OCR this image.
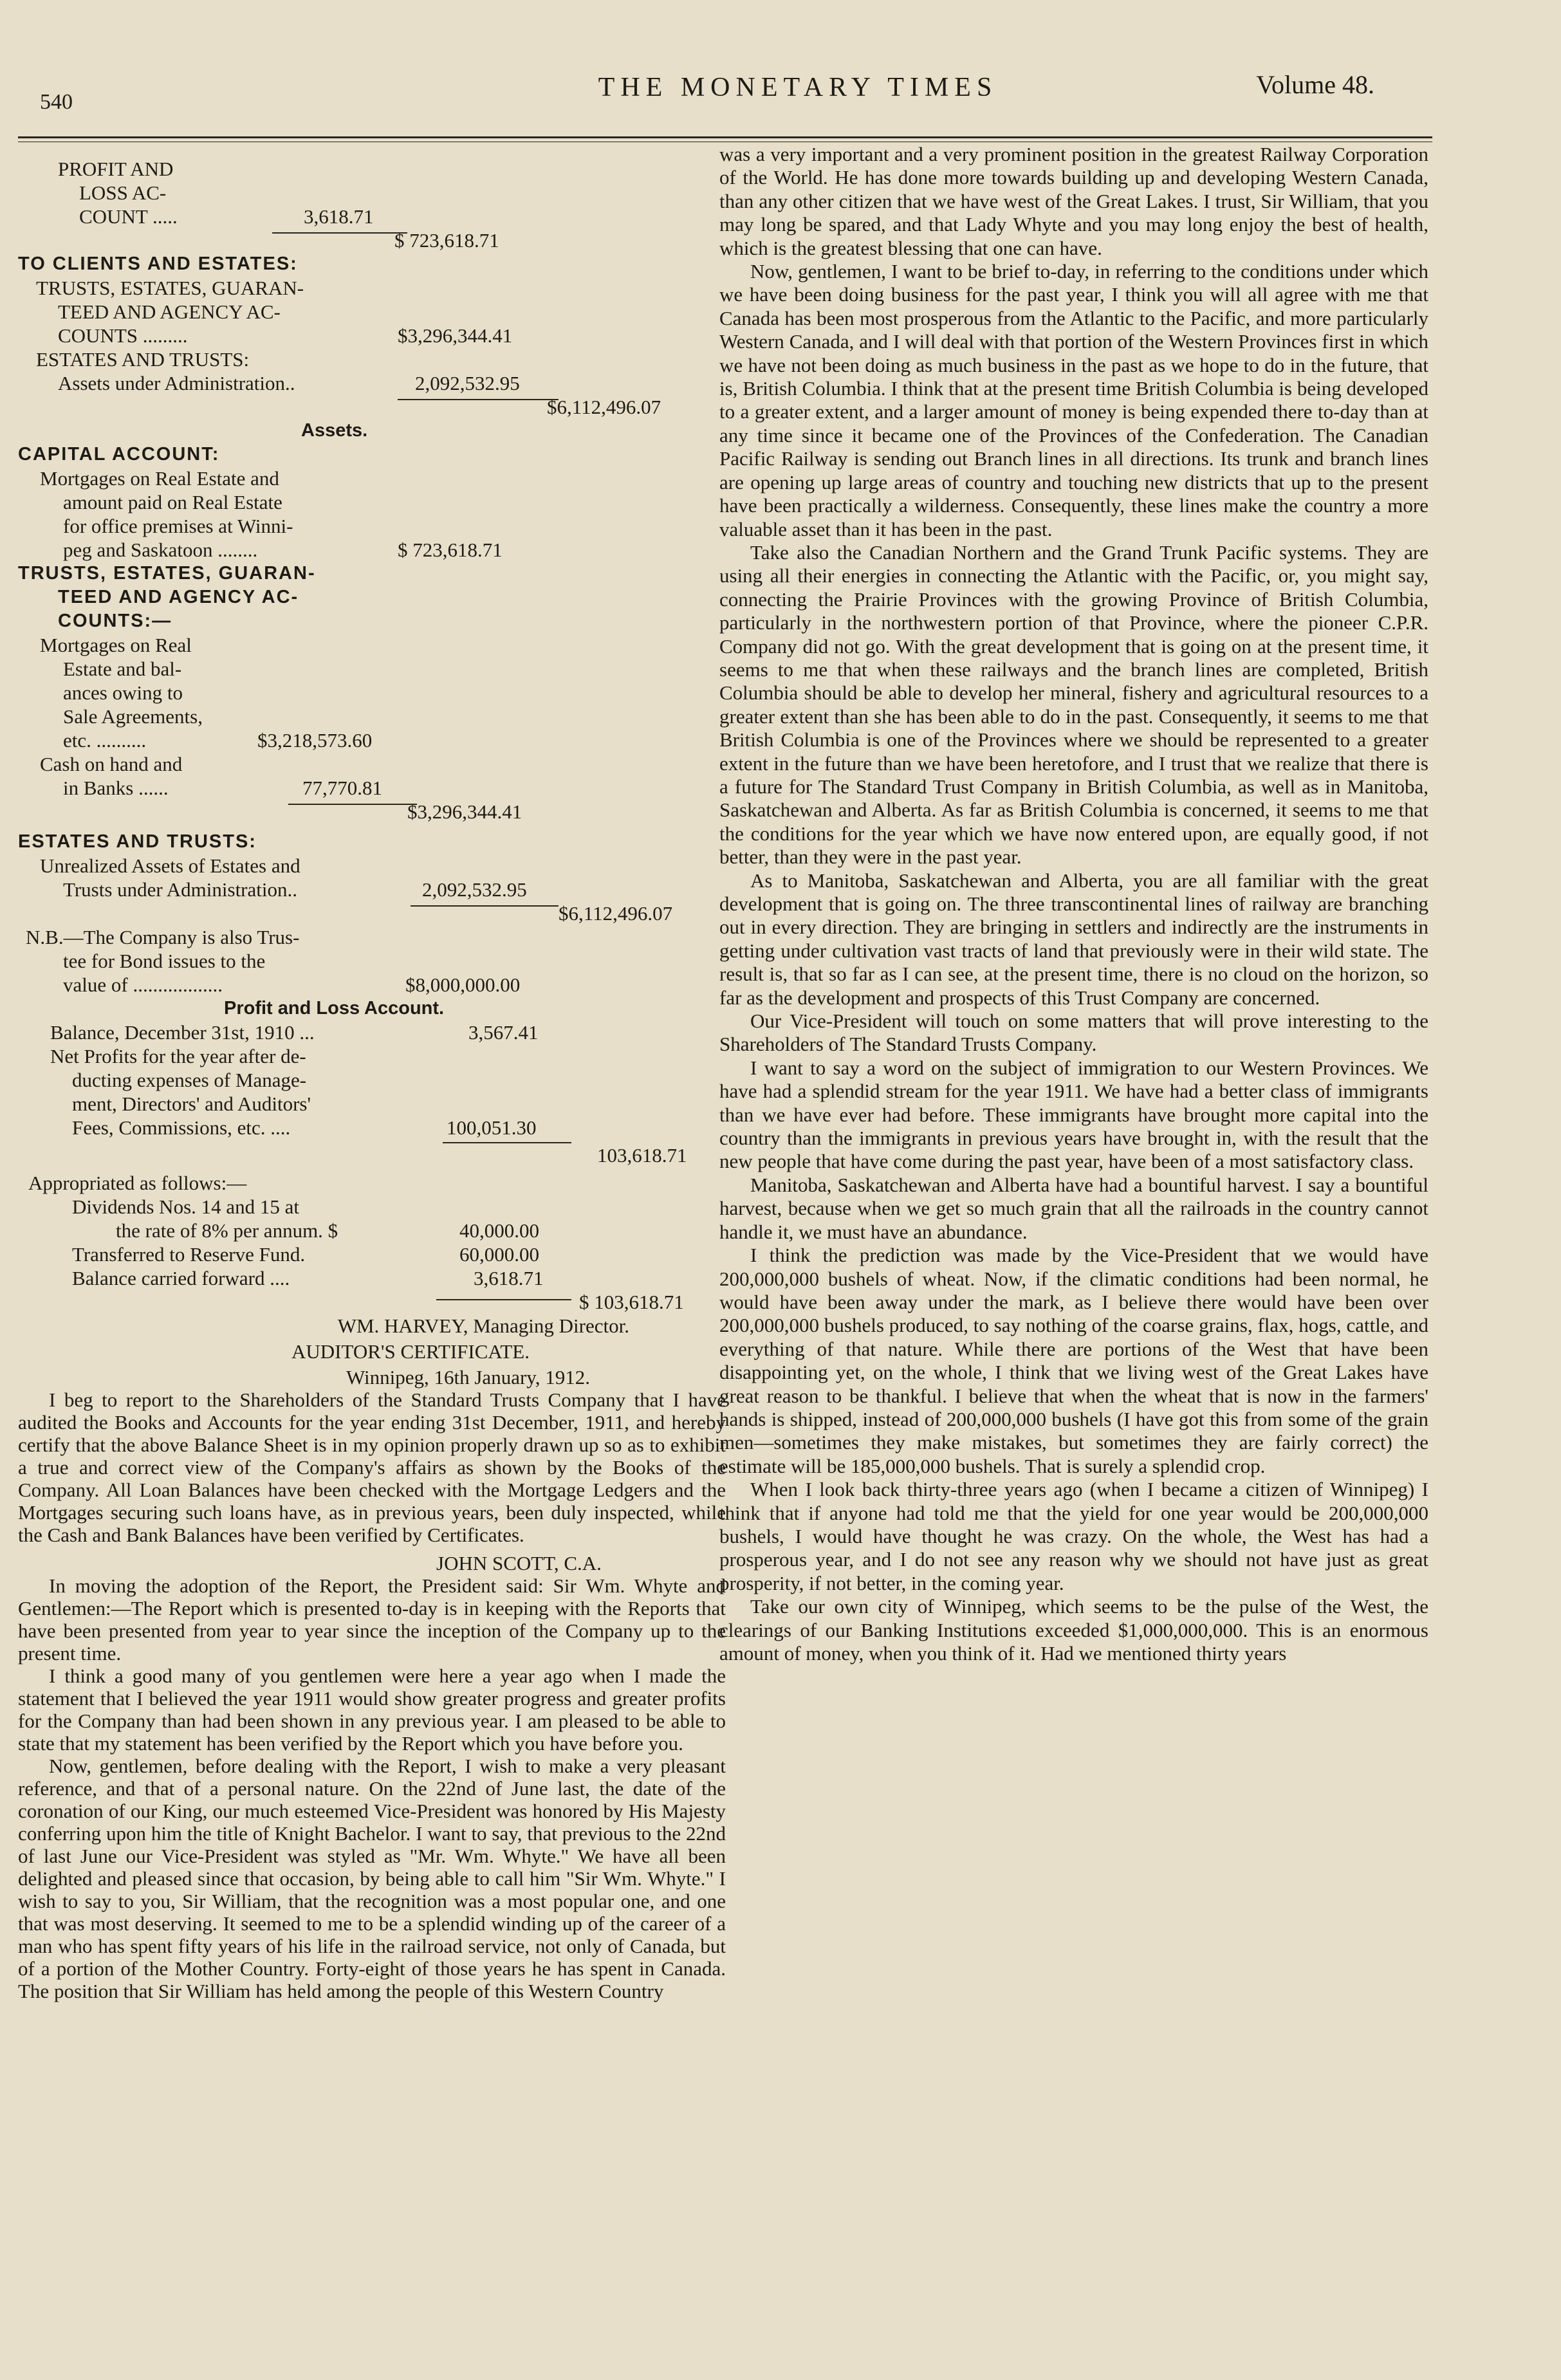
540	THE MONETARY TIMES	Volume 48.
PROFIT AND
LOSS AC-
COUNT .....	3,618.71
$ 723,618.71
TO CLIENTS AND ESTATES:
TRUSTS, ESTATES, GUARAN-
TEED AND AGENCY AC-
COUNTS .........	$3,296,344.41
ESTATES AND TRUSTS:
Assets under Administration..	2,092,532.95
$6,112,496.07
Assets.
CAPITAL ACCOUNT:
Mortgages on Real Estate and
amount paid on Real Estate
for office premises at Winni-
peg and Saskatoon ........	$ 723,618.71
TRUSTS, ESTATES, GUARAN-
TEED AND AGENCY AC-
COUNTS:—
Mortgages on Real
Estate and bal-
ances owing to
Sale Agreements,
etc. ..........	$3,218,573.60
Cash on hand and
in Banks ......	77,770.81
$3,296,344.41
ESTATES AND TRUSTS:
Unrealized Assets of Estates and
Trusts under Administration..	2,092,532.95
$6,112,496.07
N.B.—The Company is also Trus-
tee for Bond issues to the
value of ..................	$8,000,000.00
Profit and Loss Account.
Balance, December 31st, 1910 ...	3,567.41
Net Profits for the year after de-
ducting expenses of Manage-
ment, Directors' and Auditors'
Fees, Commissions, etc. ....	100,051.30
103,618.71
Appropriated as follows:—
Dividends Nos. 14 and 15 at
the rate of 8% per annum. $	40,000.00
Transferred to Reserve Fund.	60,000.00
Balance carried forward ....	3,618.71
$ 103,618.71
WM. HARVEY, Managing Director.
AUDITOR'S CERTIFICATE.
Winnipeg, 16th January, 1912.

I beg to report to the Shareholders of the Standard Trusts Company that I have audited the Books and Accounts for the year ending 31st December, 1911, and hereby certify that the above Balance Sheet is in my opinion properly drawn up so as to exhibit a true and correct view of the Company's affairs as shown by the Books of the Company. All Loan Balances have been checked with the Mortgage Ledgers and the Mortgages securing such loans have, as in previous years, been duly inspected, while the Cash and Bank Balances have been verified by Certificates.

JOHN SCOTT, C.A.

In moving the adoption of the Report, the President said: Sir Wm. Whyte and Gentlemen:—The Report which is presented to-day is in keeping with the Reports that have been presented from year to year since the inception of the Company up to the present time.

I think a good many of you gentlemen were here a year ago when I made the statement that I believed the year 1911 would show greater progress and greater profits for the Company than had been shown in any previous year. I am pleased to be able to state that my statement has been verified by the Report which you have before you.

Now, gentlemen, before dealing with the Report, I wish to make a very pleasant reference, and that of a personal nature. On the 22nd of June last, the date of the coronation of our King, our much esteemed Vice-President was honored by His Majesty conferring upon him the title of Knight Bachelor. I want to say, that previous to the 22nd of last June our Vice-President was styled as "Mr. Wm. Whyte." We have all been delighted and pleased since that occasion, by being able to call him "Sir Wm. Whyte." I wish to say to you, Sir William, that the recognition was a most popular one, and one that was most deserving. It seemed to me to be a splendid winding up of the career of a man who has spent fifty years of his life in the railroad service, not only of Canada, but of a portion of the Mother Country. Forty-eight of those years he has spent in Canada. The position that Sir William has held among the people of this Western Country

was a very important and a very prominent position in the greatest Railway Corporation of the World. He has done more towards building up and developing Western Canada, than any other citizen that we have west of the Great Lakes. I trust, Sir William, that you may long be spared, and that Lady Whyte and you may long enjoy the best of health, which is the greatest blessing that one can have.

Now, gentlemen, I want to be brief to-day, in referring to the conditions under which we have been doing business for the past year, I think you will all agree with me that Canada has been most prosperous from the Atlantic to the Pacific, and more particularly Western Canada, and I will deal with that portion of the Western Provinces first in which we have not been doing as much business in the past as we hope to do in the future, that is, British Columbia. I think that at the present time British Columbia is being developed to a greater extent, and a larger amount of money is being expended there to-day than at any time since it became one of the Provinces of the Confederation. The Canadian Pacific Railway is sending out Branch lines in all directions. Its trunk and branch lines are opening up large areas of country and touching new districts that up to the present have been practically a wilderness. Consequently, these lines make the country a more valuable asset than it has been in the past.

Take also the Canadian Northern and the Grand Trunk Pacific systems. They are using all their energies in connecting the Atlantic with the Pacific, or, you might say, connecting the Prairie Provinces with the growing Province of British Columbia, particularly in the northwestern portion of that Province, where the pioneer C.P.R. Company did not go. With the great development that is going on at the present time, it seems to me that when these railways and the branch lines are completed, British Columbia should be able to develop her mineral, fishery and agricultural resources to a greater extent than she has been able to do in the past. Consequently, it seems to me that British Columbia is one of the Provinces where we should be represented to a greater extent in the future than we have been heretofore, and I trust that we realize that there is a future for The Standard Trust Company in British Columbia, as well as in Manitoba, Saskatchewan and Alberta. As far as British Columbia is concerned, it seems to me that the conditions for the year which we have now entered upon, are equally good, if not better, than they were in the past year.

As to Manitoba, Saskatchewan and Alberta, you are all familiar with the great development that is going on. The three transcontinental lines of railway are branching out in every direction. They are bringing in settlers and indirectly are the instruments in getting under cultivation vast tracts of land that previously were in their wild state. The result is, that so far as I can see, at the present time, there is no cloud on the horizon, so far as the development and prospects of this Trust Company are concerned.

Our Vice-President will touch on some matters that will prove interesting to the Shareholders of The Standard Trusts Company.

I want to say a word on the subject of immigration to our Western Provinces. We have had a splendid stream for the year 1911. We have had a better class of immigrants than we have ever had before. These immigrants have brought more capital into the country than the immigrants in previous years have brought in, with the result that the new people that have come during the past year, have been of a most satisfactory class.

Manitoba, Saskatchewan and Alberta have had a bountiful harvest. I say a bountiful harvest, because when we get so much grain that all the railroads in the country cannot handle it, we must have an abundance.

I think the prediction was made by the Vice-President that we would have 200,000,000 bushels of wheat. Now, if the climatic conditions had been normal, he would have been away under the mark, as I believe there would have been over 200,000,000 bushels produced, to say nothing of the coarse grains, flax, hogs, cattle, and everything of that nature. While there are portions of the West that have been disappointing yet, on the whole, I think that we living west of the Great Lakes have great reason to be thankful. I believe that when the wheat that is now in the farmers' hands is shipped, instead of 200,000,000 bushels (I have got this from some of the grain men—sometimes they make mistakes, but sometimes they are fairly correct) the estimate will be 185,000,000 bushels. That is surely a splendid crop.

When I look back thirty-three years ago (when I became a citizen of Winnipeg) I think that if anyone had told me that the yield for one year would be 200,000,000 bushels, I would have thought he was crazy. On the whole, the West has had a prosperous year, and I do not see any reason why we should not have just as great prosperity, if not better, in the coming year.

Take our own city of Winnipeg, which seems to be the pulse of the West, the clearings of our Banking Institutions exceeded $1,000,000,000. This is an enormous amount of money, when you think of it. Had we mentioned thirty years
